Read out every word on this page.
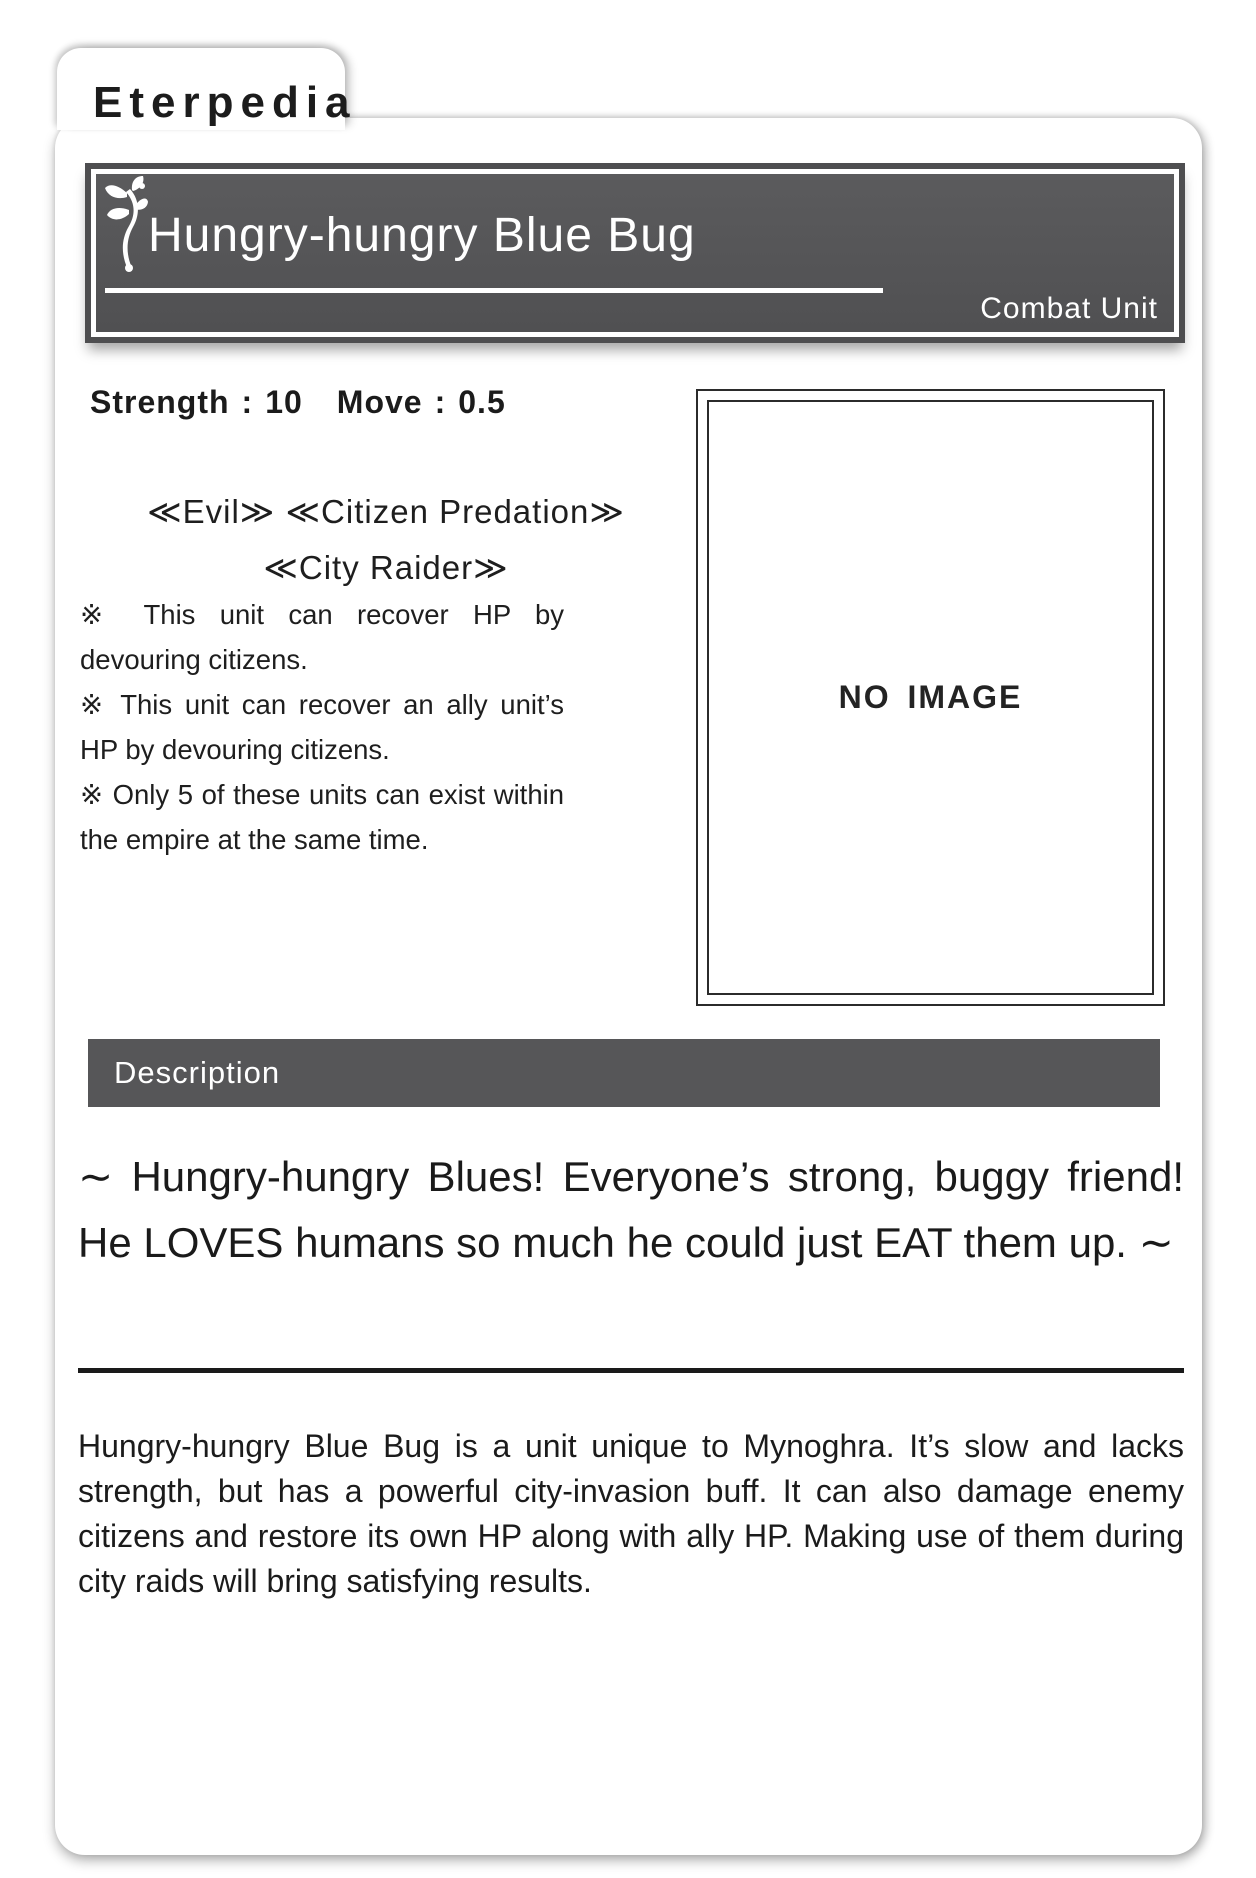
Eterpedia
Hungry-hungry Blue Bug
Combat Unit
Strength : 10 Move : 0.5
≪Evil≫ ≪Citizen Predation≫
≪City Raider≫

※ This unit can recover HP by devouring citizens.

※ This unit can recover an ally unit’s HP by devouring citizens.

※ Only 5 of these units can exist within the empire at the same time.

NO IMAGE
Description

∼ Hungry-hungry Blues! Everyone’s strong, buggy friend! He LOVES humans so much he could just EAT them up. ∼

Hungry-hungry Blue Bug is a unit unique to Mynoghra. It’s slow and lacks strength, but has a powerful city-invasion buff. It can also damage enemy citizens and restore its own HP along with ally HP. Making use of them during city raids will bring satisfying results.
